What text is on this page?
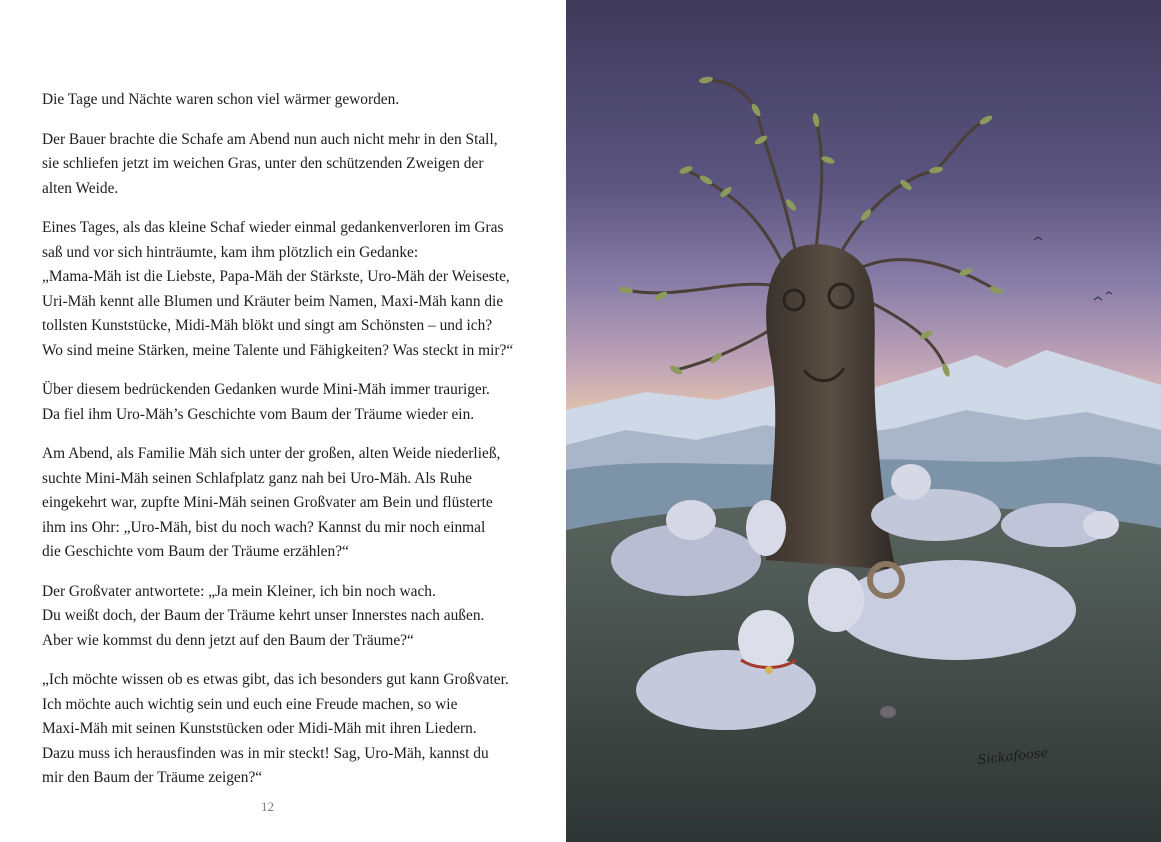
Die Tage und Nächte waren schon viel wärmer geworden.

Der Bauer brachte die Schafe am Abend nun auch nicht mehr in den Stall,
sie schliefen jetzt im weichen Gras, unter den schützenden Zweigen der
alten Weide.

Eines Tages, als das kleine Schaf wieder einmal gedankenverloren im Gras
saß und vor sich hinträumte, kam ihm plötzlich ein Gedanke:
„Mama-Mäh ist die Liebste, Papa-Mäh der Stärkste, Uro-Mäh der Weiseste,
Uri-Mäh kennt alle Blumen und Kräuter beim Namen, Maxi-Mäh kann die
tollsten Kunststücke, Midi-Mäh blökt und singt am Schönsten – und ich?
Wo sind meine Stärken, meine Talente und Fähigkeiten? Was steckt in mir?“

Über diesem bedrückenden Gedanken wurde Mini-Mäh immer trauriger.
Da fiel ihm Uro-Mäh’s Geschichte vom Baum der Träume wieder ein.

Am Abend, als Familie Mäh sich unter der großen, alten Weide niederließ,
suchte Mini-Mäh seinen Schlafplatz ganz nah bei Uro-Mäh. Als Ruhe
eingekehrt war, zupfte Mini-Mäh seinen Großvater am Bein und flüsterte
ihm ins Ohr: „Uro-Mäh, bist du noch wach? Kannst du mir noch einmal
die Geschichte vom Baum der Träume erzählen?“

Der Großvater antwortete: „Ja mein Kleiner, ich bin noch wach.
Du weißt doch, der Baum der Träume kehrt unser Innerstes nach außen.
Aber wie kommst du denn jetzt auf den Baum der Träume?“

„Ich möchte wissen ob es etwas gibt, das ich besonders gut kann Großvater.
Ich möchte auch wichtig sein und euch eine Freude machen, so wie
Maxi-Mäh mit seinen Kunststücken oder Midi-Mäh mit ihren Liedern.
Dazu muss ich herausfinden was in mir steckt! Sag, Uro-Mäh, kannst du
mir den Baum der Träume zeigen?“

12
Sickafoose
